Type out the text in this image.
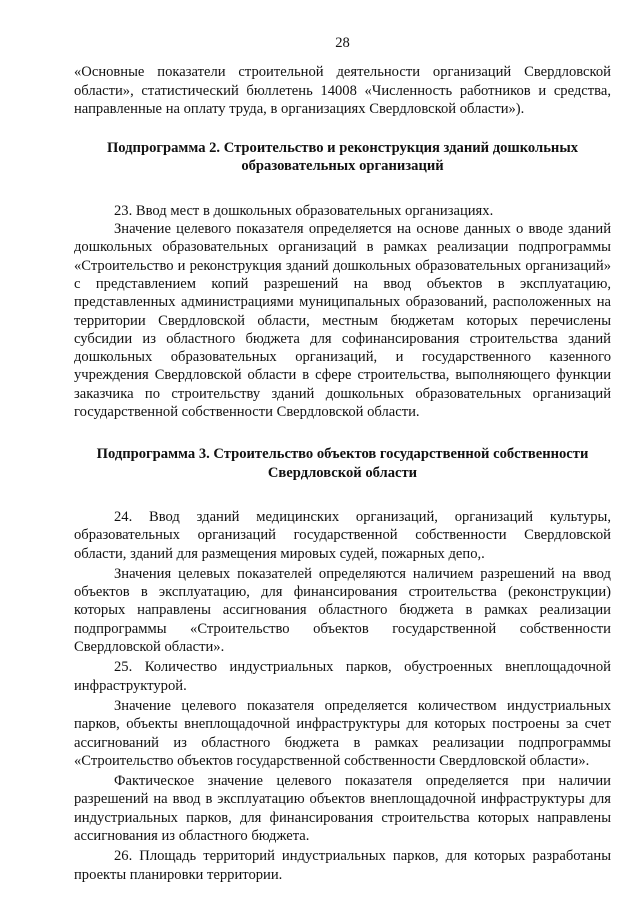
28

«Основные показатели строительной деятельности организаций Свердловской области», статистический бюллетень 14008 «Численность работников и средства, направленные на оплату труда, в организациях Свердловской области»).

Подпрограмма 2. Строительство и реконструкция зданий дошкольных образовательных организаций

23. Ввод мест в дошкольных образовательных организациях.

Значение целевого показателя определяется на основе данных о вводе зданий дошкольных образовательных организаций в рамках реализации подпрограммы «Строительство и реконструкция зданий дошкольных образовательных организаций» с представлением копий разрешений на ввод объектов в эксплуатацию, представленных администрациями муниципальных образований, расположенных на территории Свердловской области, местным бюджетам которых перечислены субсидии из областного бюджета для софинансирования строительства зданий дошкольных образовательных организаций, и государственного казенного учреждения Свердловской области в сфере строительства, выполняющего функции заказчика по строительству зданий дошкольных образовательных организаций государственной собственности Свердловской области.

Подпрограмма 3. Строительство объектов государственной собственности Свердловской области

24. Ввод зданий медицинских организаций, организаций культуры, образовательных организаций государственной собственности Свердловской области, зданий для размещения мировых судей, пожарных депо,.

Значения целевых показателей определяются наличием разрешений на ввод объектов в эксплуатацию, для финансирования строительства (реконструкции) которых направлены ассигнования областного бюджета в рамках реализации подпрограммы «Строительство объектов государственной собственности Свердловской области».

25. Количество индустриальных парков, обустроенных внеплощадочной инфраструктурой.

Значение целевого показателя определяется количеством индустриальных парков, объекты внеплощадочной инфраструктуры для которых построены за счет ассигнований из областного бюджета в рамках реализации подпрограммы «Строительство объектов государственной собственности Свердловской области».

Фактическое значение целевого показателя определяется при наличии разрешений на ввод в эксплуатацию объектов внеплощадочной инфраструктуры для индустриальных парков, для финансирования строительства которых направлены ассигнования из областного бюджета.

26. Площадь территорий индустриальных парков, для которых разработаны проекты планировки территории.
